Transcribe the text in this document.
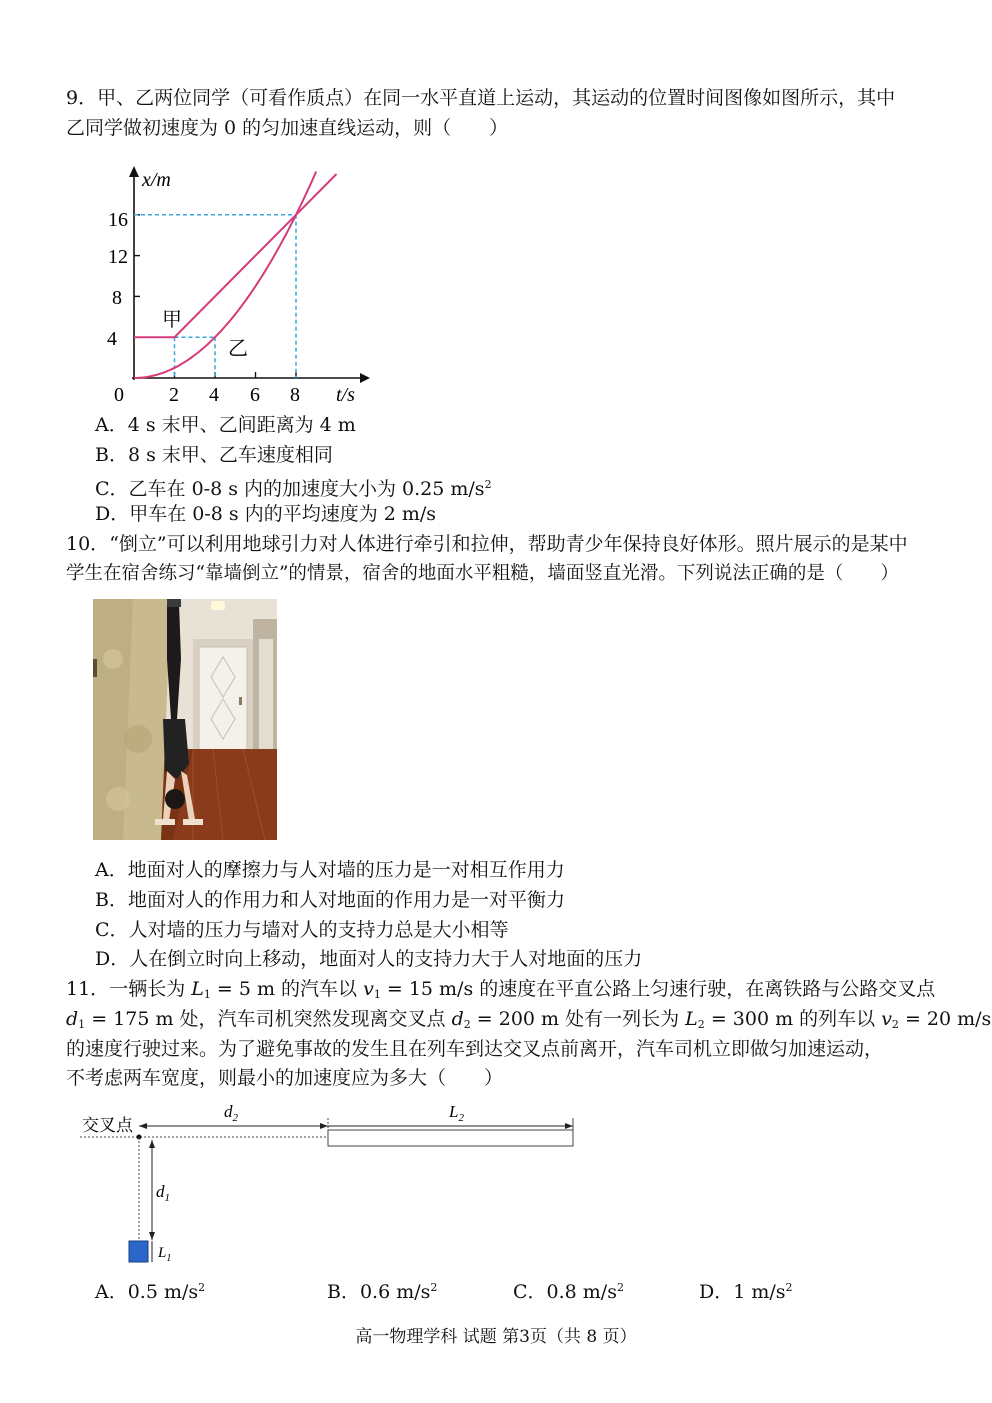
9．甲、乙两位同学（可看作质点）在同一水平直道上运动，其运动的位置时间图像如图所示，其中
乙同学做初速度为 0 的匀加速直线运动，则（　　）
x/m
t/s
0
甲
乙
4
8
12
16
2 4 6 8
A．4 s 末甲、乙间距离为 4 m
B．8 s 末甲、乙车速度相同
C．乙车在 0-8 s 内的加速度大小为 0.25 $m/s^2$
D．甲车在 0-8 s 内的平均速度为 2 m/s
10．“倒立”可以利用地球引力对人体进行牵引和拉伸，帮助青少年保持良好体形。照片展示的是某中
学生在宿舍练习“靠墙倒立”的情景，宿舍的地面水平粗糙，墙面竖直光滑。下列说法正确的是（　　）
A．地面对人的摩擦力与人对墙的压力是一对相互作用力
B．地面对人的作用力和人对地面的作用力是一对平衡力
C．人对墙的压力与墙对人的支持力总是大小相等
D．人在倒立时向上移动，地面对人的支持力大于人对地面的压力
11．一辆长为 $L_1 = 5$ m 的汽车以 $v_1 = 15$ m/s 的速度在平直公路上匀速行驶，在离铁路与公路交叉点
$d_1 = 175$ m 处，汽车司机突然发现离交叉点 $d_2 = 200$ m 处有一列长为 $L_2 = 300$ m 的列车以 $v_2 = 20$ m/s
的速度行驶过来。为了避免事故的发生且在列车到达交叉点前离开，汽车司机立即做匀加速运动，
不考虑两车宽度，则最小的加速度应为多大（　　）
交叉点
$d_2$	$L_2$
$d_1$
$L_1$
A．0.5 $m/s^2$	B．0.6 $m/s^2$	C．0.8 $m/s^2$	D．1 $m/s^2$
高一物理学科 试题 第3页（共 8 页）
